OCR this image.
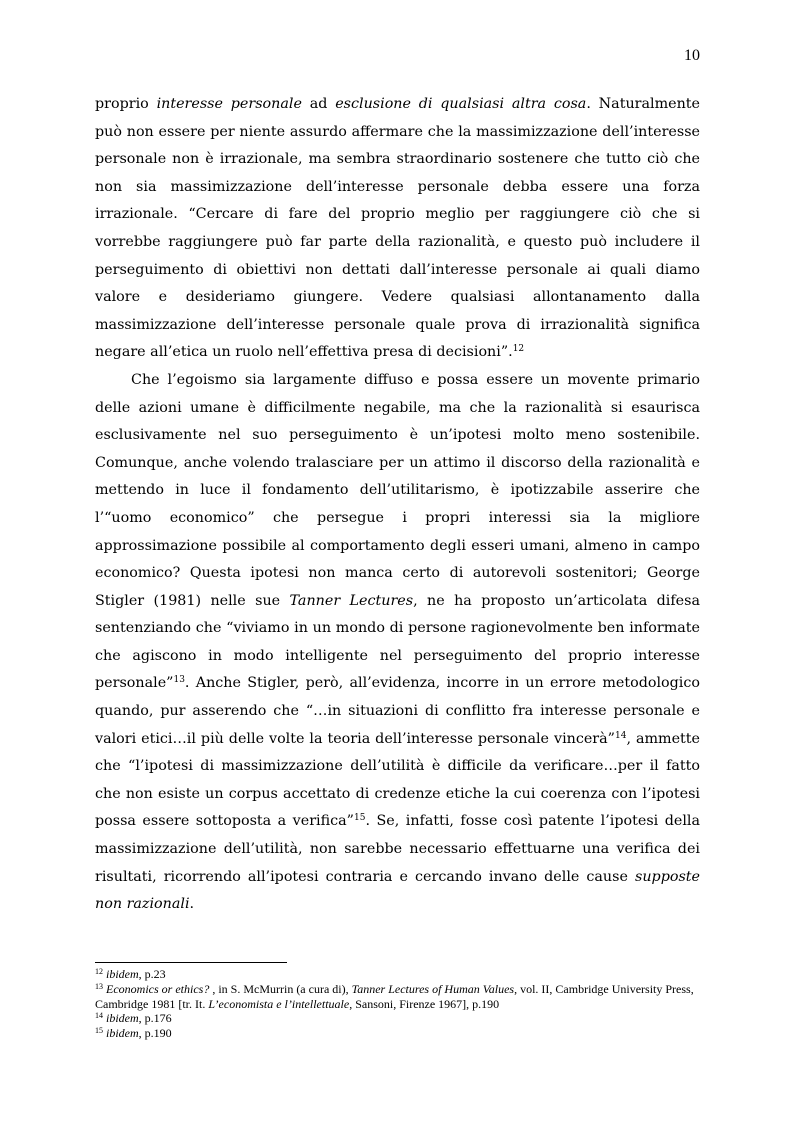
10

proprio interesse personale ad esclusione di qualsiasi altra cosa. Naturalmente può non essere per niente assurdo affermare che la massimizzazione dell’interesse personale non è irrazionale, ma sembra straordinario sostenere che tutto ciò che non sia massimizzazione dell’interesse personale debba essere una forza irrazionale. “Cercare di fare del proprio meglio per raggiungere ciò che si vorrebbe raggiungere può far parte della razionalità, e questo può includere il perseguimento di obiettivi non dettati dall’interesse personale ai quali diamo valore e desideriamo giungere. Vedere qualsiasi allontanamento dalla massimizzazione dell’interesse personale quale prova di irrazionalità significa negare all’etica un ruolo nell’effettiva presa di decisioni”.$^{12}$

Che l’egoismo sia largamente diffuso e possa essere un movente primario delle azioni umane è difficilmente negabile, ma che la razionalità si esaurisca esclusivamente nel suo perseguimento è un’ipotesi molto meno sostenibile. Comunque, anche volendo tralasciare per un attimo il discorso della razionalità e mettendo in luce il fondamento dell’utilitarismo, è ipotizzabile asserire che l’“uomo economico” che persegue i propri interessi sia la migliore approssimazione possibile al comportamento degli esseri umani, almeno in campo economico? Questa ipotesi non manca certo di autorevoli sostenitori; George Stigler (1981) nelle sue Tanner Lectures, ne ha proposto un’articolata difesa sentenziando che “viviamo in un mondo di persone ragionevolmente ben informate che agiscono in modo intelligente nel perseguimento del proprio interesse personale”$^{13}$. Anche Stigler, però, all’evidenza, incorre in un errore metodologico quando, pur asserendo che “…in situazioni di conflitto fra interesse personale e valori etici…il più delle volte la teoria dell’interesse personale vincerà”$^{14}$, ammette che “l’ipotesi di massimizzazione dell’utilità è difficile da verificare…per il fatto che non esiste un corpus accettato di credenze etiche la cui coerenza con l’ipotesi possa essere sottoposta a verifica”$^{15}$. Se, infatti, fosse così patente l’ipotesi della massimizzazione dell’utilità, non sarebbe necessario effettuarne una verifica dei risultati, ricorrendo all’ipotesi contraria e cercando invano delle cause supposte non razionali.

$^{12}$ ibidem, p.23

$^{13}$ Economics or ethics? , in S. McMurrin (a cura di), Tanner Lectures of Human Values, vol. II, Cambridge University Press, Cambridge 1981 [tr. It. L’economista e l’intellettuale, Sansoni, Firenze 1967], p.190

$^{14}$ ibidem, p.176

$^{15}$ ibidem, p.190
